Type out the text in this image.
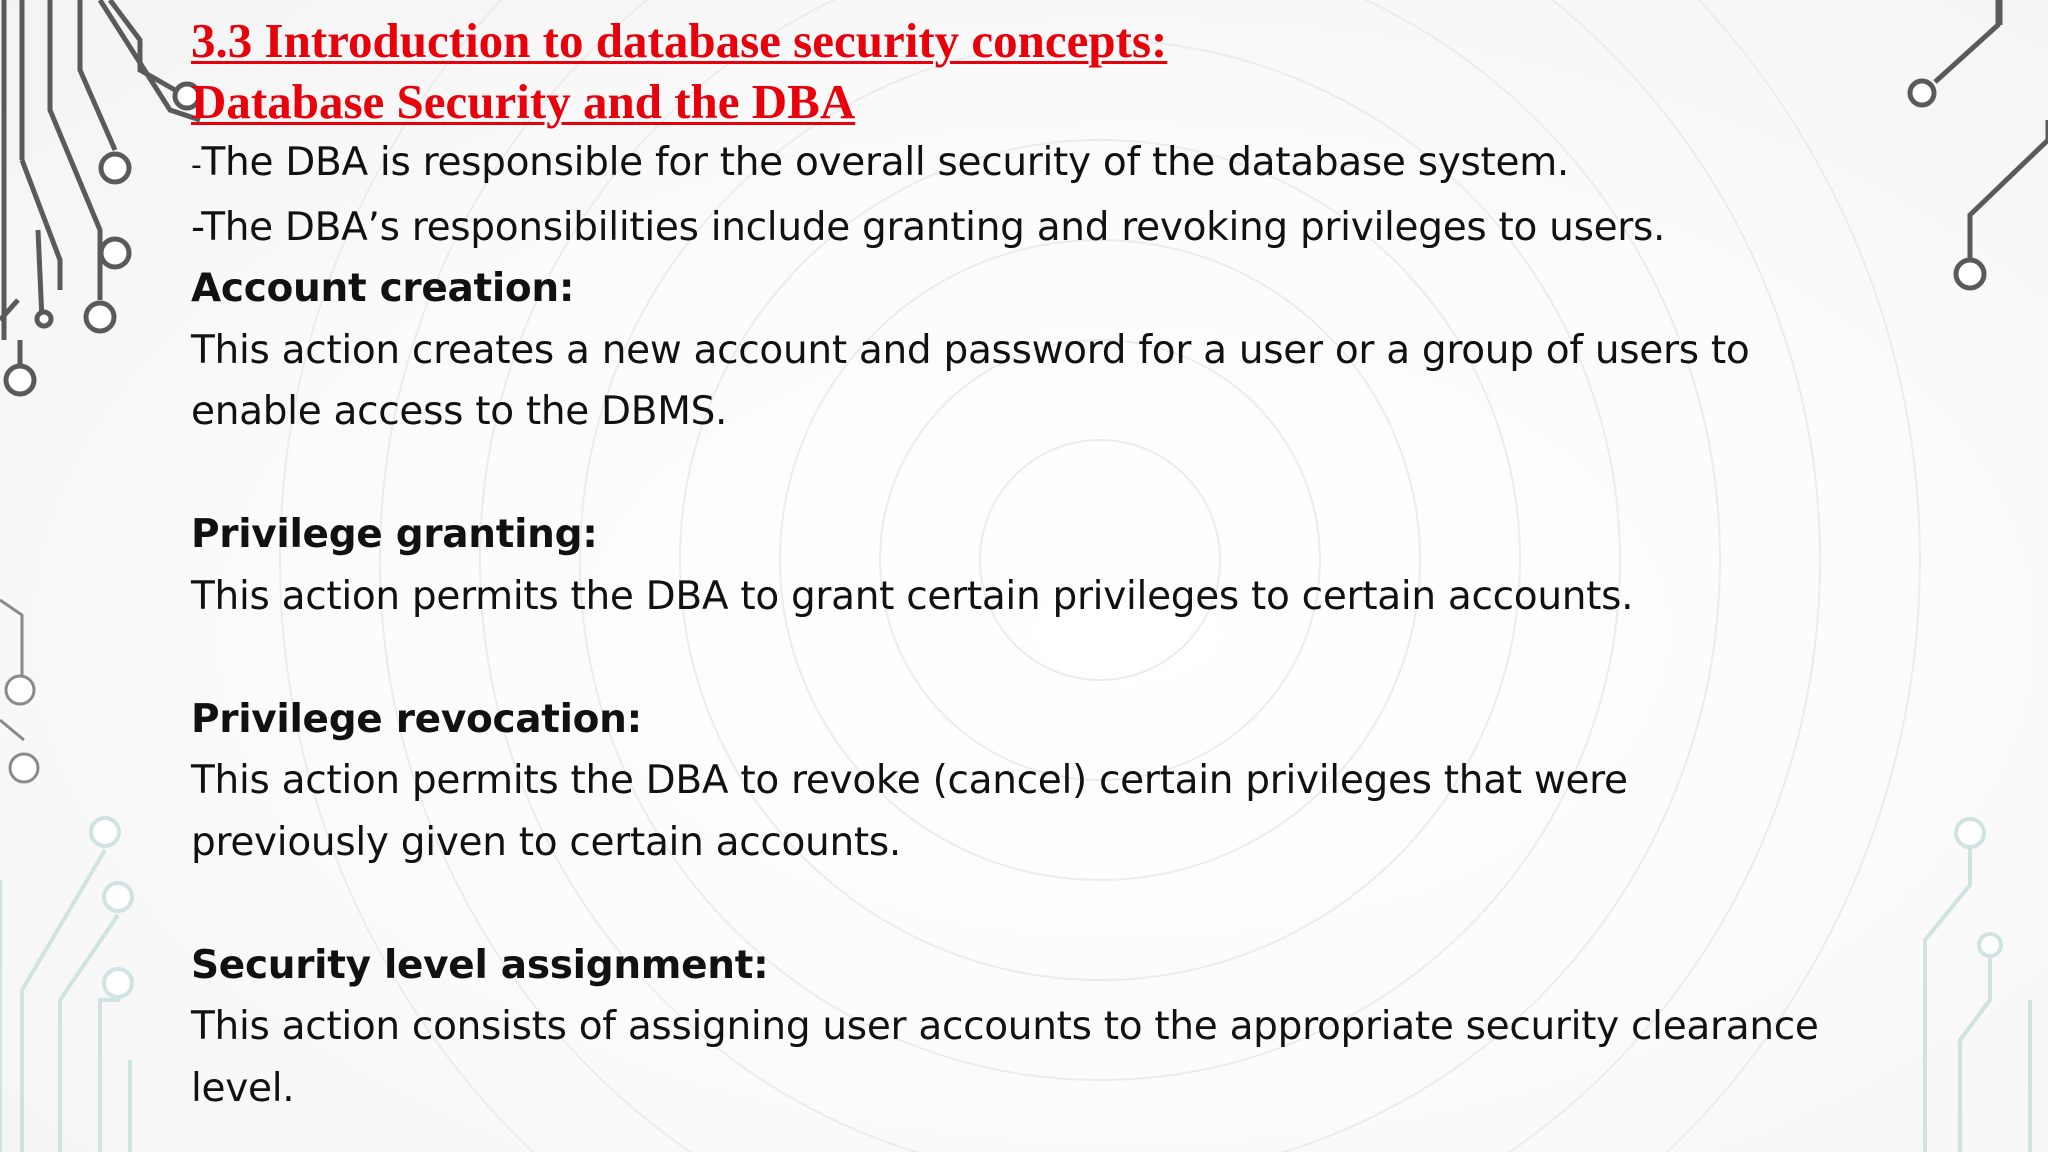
3.3 Introduction to database security concepts:

Database Security and the DBA

-The DBA is responsible for the overall security of the database system.

-The DBA’s responsibilities include granting and revoking privileges to users.

Account creation:

This action creates a new account and password for a user or a group of users to

enable access to the DBMS.

Privilege granting:

This action permits the DBA to grant certain privileges to certain accounts.

Privilege revocation:

This action permits the DBA to revoke (cancel) certain privileges that were

previously given to certain accounts.

Security level assignment:

This action consists of assigning user accounts to the appropriate security clearance

level.
